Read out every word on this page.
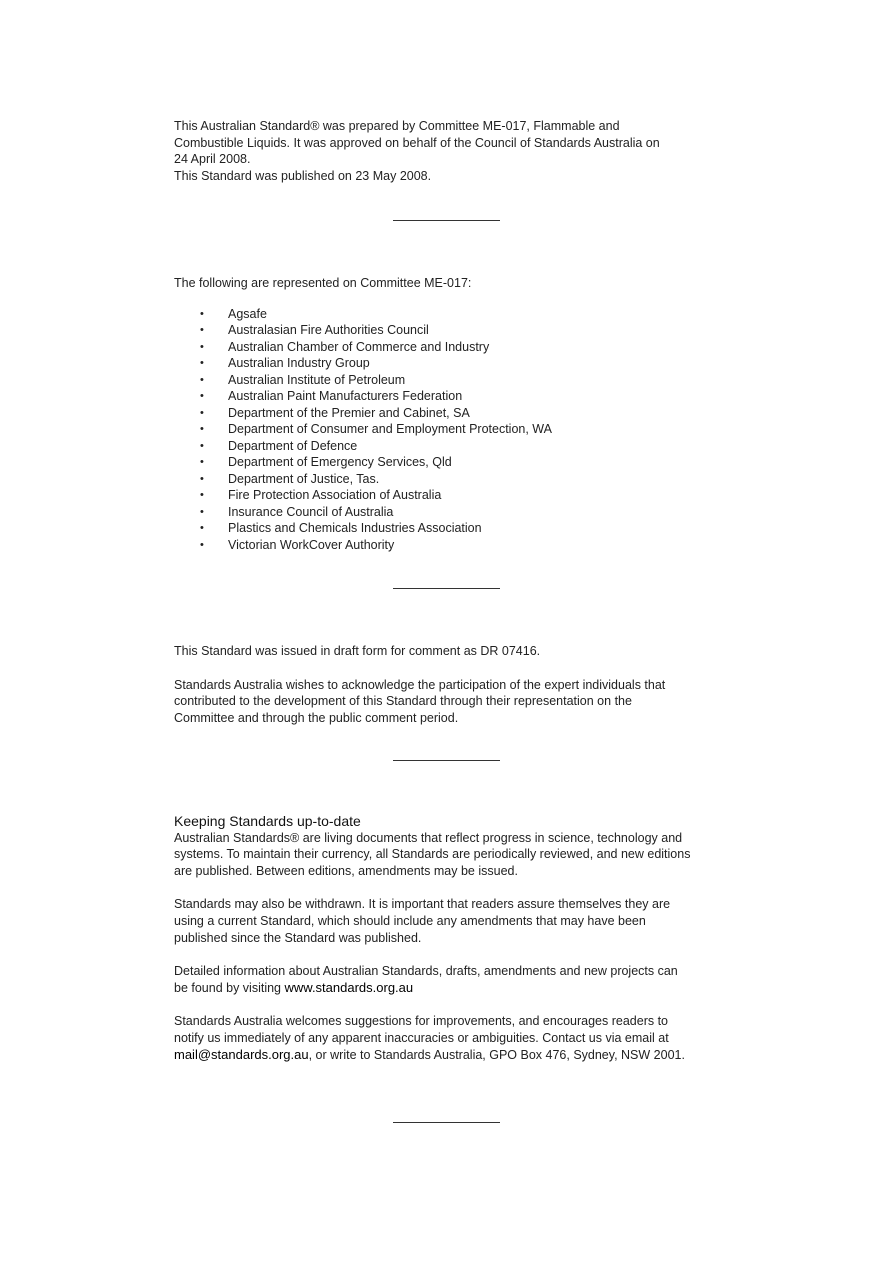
This Australian Standard® was prepared by Committee ME-017, Flammable and

Combustible Liquids. It was approved on behalf of the Council of Standards Australia on

24 April 2008.

This Standard was published on 23 May 2008.

The following are represented on Committee ME-017:

• Agsafe
• Australasian Fire Authorities Council
• Australian Chamber of Commerce and Industry
• Australian Industry Group
• Australian Institute of Petroleum
• Australian Paint Manufacturers Federation
• Department of the Premier and Cabinet, SA
• Department of Consumer and Employment Protection, WA
• Department of Defence
• Department of Emergency Services, Qld
• Department of Justice, Tas.
• Fire Protection Association of Australia
• Insurance Council of Australia
• Plastics and Chemicals Industries Association
• Victorian WorkCover Authority

This Standard was issued in draft form for comment as DR 07416.

Standards Australia wishes to acknowledge the participation of the expert individuals that

contributed to the development of this Standard through their representation on the

Committee and through the public comment period.

Keeping Standards up-to-date

Australian Standards® are living documents that reflect progress in science, technology and

systems. To maintain their currency, all Standards are periodically reviewed, and new editions

are published. Between editions, amendments may be issued.

Standards may also be withdrawn. It is important that readers assure themselves they are

using a current Standard, which should include any amendments that may have been

published since the Standard was published.

Detailed information about Australian Standards, drafts, amendments and new projects can

be found by visiting www.standards.org.au

Standards Australia welcomes suggestions for improvements, and encourages readers to

notify us immediately of any apparent inaccuracies or ambiguities. Contact us via email at

mail@standards.org.au, or write to Standards Australia, GPO Box 476, Sydney, NSW 2001.
